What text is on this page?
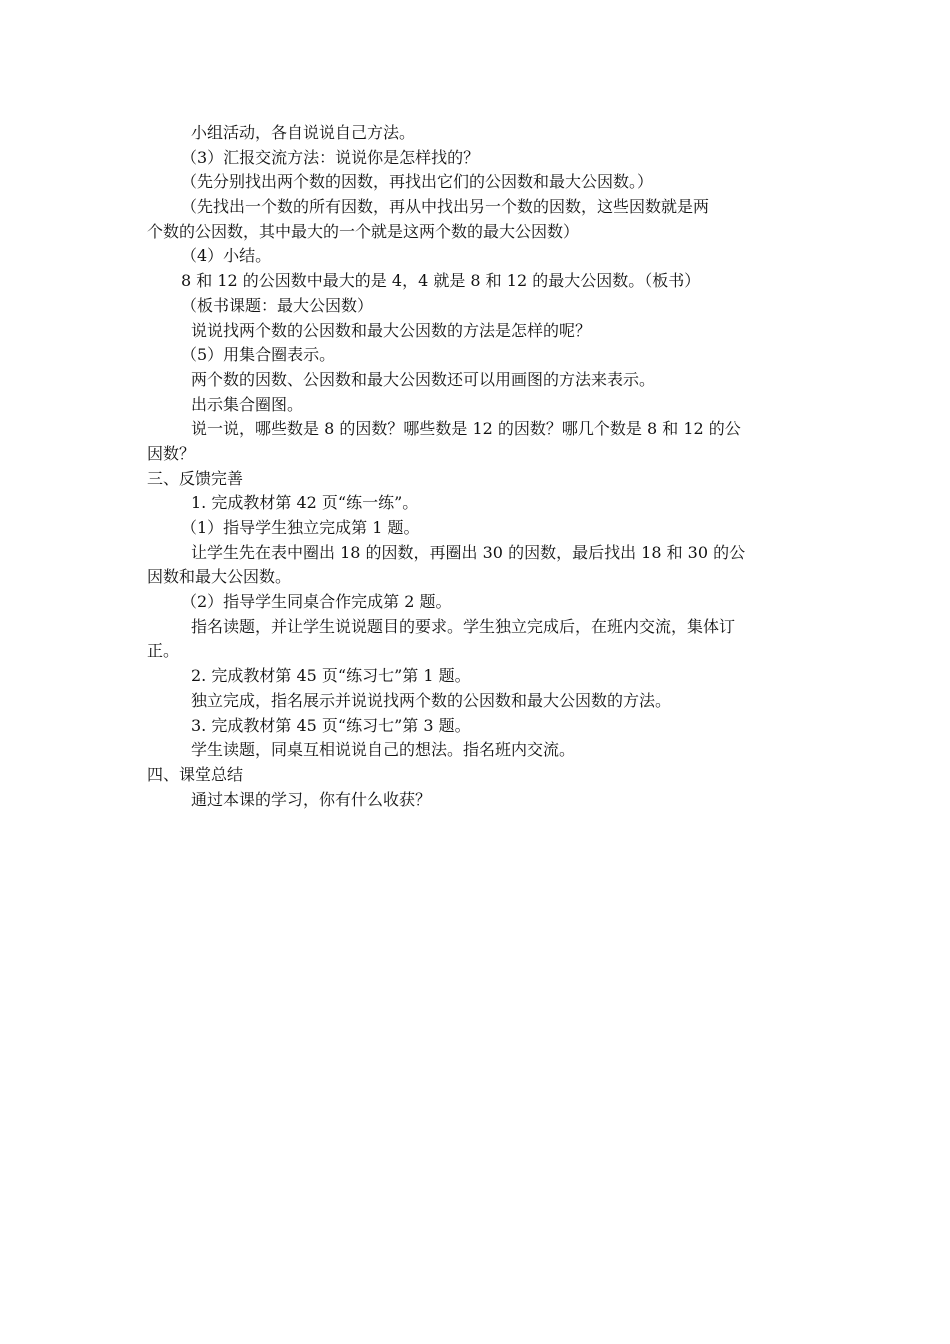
小组活动，各自说说自己方法。
（3）汇报交流方法：说说你是怎样找的？
（先分别找出两个数的因数，再找出它们的公因数和最大公因数。）
（先找出一个数的所有因数，再从中找出另一个数的因数，这些因数就是两
个数的公因数，其中最大的一个就是这两个数的最大公因数）
（4）小结。
8 和 12 的公因数中最大的是 4，4 就是 8 和 12 的最大公因数。（板书）
（板书课题：最大公因数）
说说找两个数的公因数和最大公因数的方法是怎样的呢？
（5）用集合圈表示。
两个数的因数、公因数和最大公因数还可以用画图的方法来表示。
出示集合圈图。
说一说，哪些数是 8 的因数？哪些数是 12 的因数？哪几个数是 8 和 12 的公
因数？
三、反馈完善
1. 完成教材第 42 页“练一练”。
（1）指导学生独立完成第 1 题。
让学生先在表中圈出 18 的因数，再圈出 30 的因数，最后找出 18 和 30 的公
因数和最大公因数。
（2）指导学生同桌合作完成第 2 题。
指名读题，并让学生说说题目的要求。学生独立完成后，在班内交流，集体订
正。
2. 完成教材第 45 页“练习七”第 1 题。
独立完成，指名展示并说说找两个数的公因数和最大公因数的方法。
3. 完成教材第 45 页“练习七”第 3 题。
学生读题，同桌互相说说自己的想法。指名班内交流。
四、课堂总结
通过本课的学习，你有什么收获？
